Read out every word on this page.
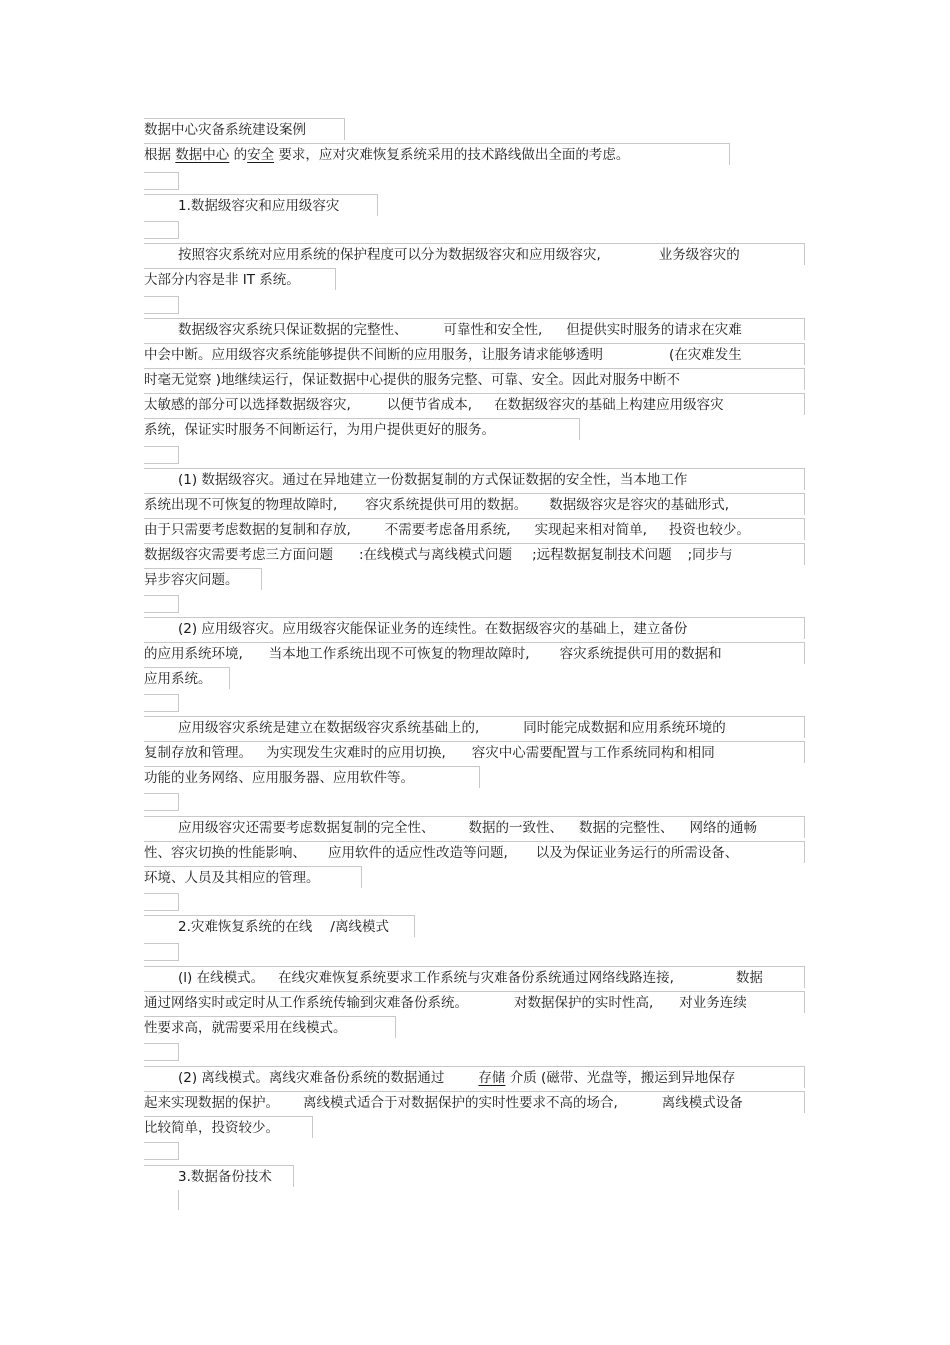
数据中心灾备系统建设案例
根据 数据中心 的安全 要求，应对灾难恢复系统采用的技术路线做出全面的考虑。
1.数据级容灾和应用级容灾
按照容灾系统对应用系统的保护程度可以分为数据级容灾和应用级容灾,	业务级容灾的
大部分内容是非 IT 系统。
数据级容灾系统只保证数据的完整性、	可靠性和安全性, 但提供实时服务的请求在灾难
中会中断。应用级容灾系统能够提供不间断的应用服务，让服务请求能够透明	(在灾难发生
时毫无觉察 )地继续运行，保证数据中心提供的服务完整、可靠、安全。因此对服务中断不
太敏感的部分可以选择数据级容灾,	以便节省成本, 在数据级容灾的基础上构建应用级容灾
系统，保证实时服务不间断运行，为用户提供更好的服务。
(1) 数据级容灾。通过在异地建立一份数据复制的方式保证数据的安全性，当本地工作
系统出现不可恢复的物理故障时, 容灾系统提供可用的数据。 数据级容灾是容灾的基础形式,
由于只需要考虑数据的复制和存放,	不需要考虑备用系统, 实现起来相对简单, 投资也较少。
数据级容灾需要考虑三方面问题 :在线模式与离线模式问题 ;远程数据复制技术问题 ;同步与
异步容灾问题。
(2) 应用级容灾。应用级容灾能保证业务的连续性。在数据级容灾的基础上，建立备份
的应用系统环境, 当本地工作系统出现不可恢复的物理故障时, 容灾系统提供可用的数据和
应用系统。
应用级容灾系统是建立在数据级容灾系统基础上的,	同时能完成数据和应用系统环境的
复制存放和管理。 为实现发生灾难时的应用切换, 容灾中心需要配置与工作系统同构和相同
功能的业务网络、应用服务器、应用软件等。
应用级容灾还需要考虑数据复制的完全性、	数据的一致性、 数据的完整性、 网络的通畅
性、容灾切换的性能影响、 应用软件的适应性改造等问题, 以及为保证业务运行的所需设备、
环境、人员及其相应的管理。
2.灾难恢复系统的在线 /离线模式
(l) 在线模式。 在线灾难恢复系统要求工作系统与灾难备份系统通过网络线路连接,	数据
通过网络实时或定时从工作系统传输到灾难备份系统。	对数据保护的实时性高, 对业务连续
性要求高，就需要采用在线模式。
(2) 离线模式。离线灾难备份系统的数据通过	存储 介质 (磁带、光盘等，搬运到异地保存
起来实现数据的保护。 离线模式适合于对数据保护的实时性要求不高的场合,	离线模式设备
比较简单，投资较少。
3.数据备份技术
